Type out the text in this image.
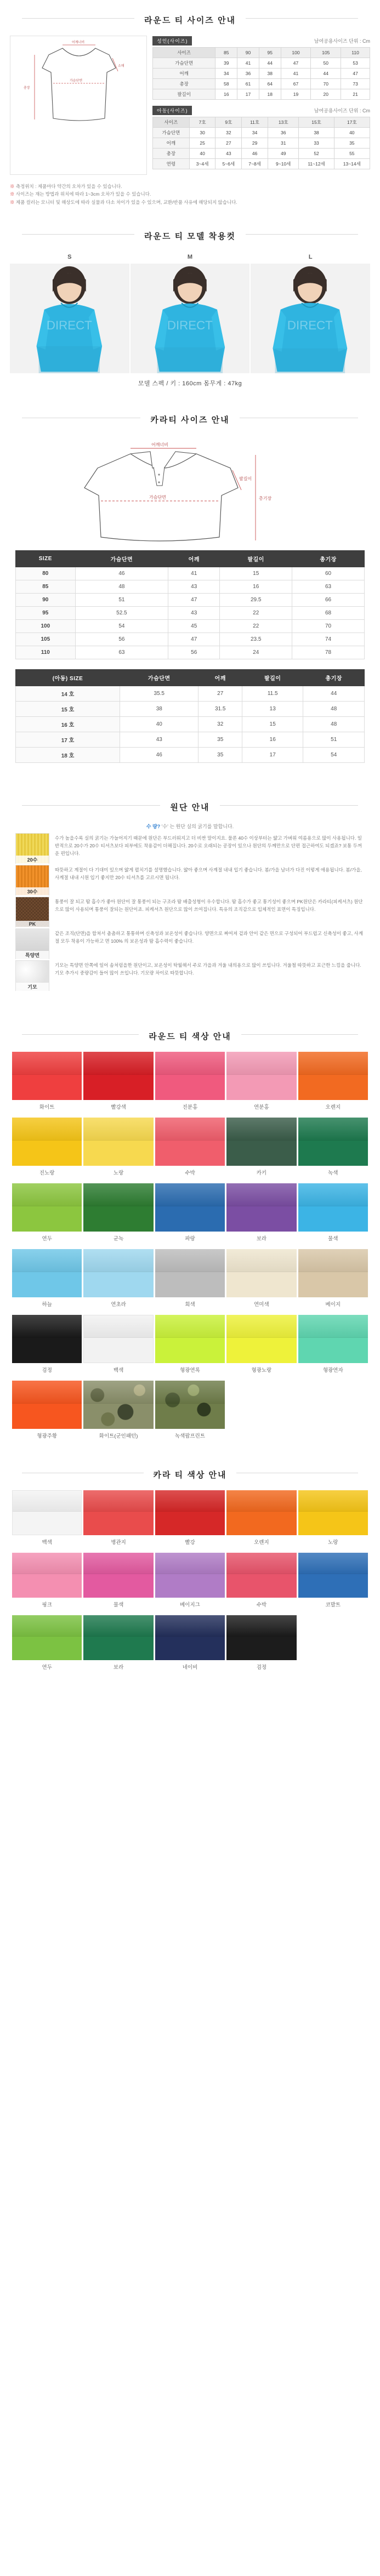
라운드 티 사이즈 안내
어깨너비
가슴단면
총장
소매
성인(사이즈)	남여공용사이즈 단위 : Cm
사이즈	85	90	95	100	105	110
가슴단면	39	41	44	47	50	53
어깨	34	36	38	41	44	47
총장	58	61	64	67	70	73
팔길이	16	17	18	19	20	21
아동(사이즈)	남여공용사이즈 단위 : Cm
사이즈	7호	9호	11호	13호	15호	17호
가슴단면	30	32	34	36	38	40
어깨	25	27	29	31	33	35
총장	40	43	46	49	52	55
연령	3~4세	5~6세	7~8세	9~10세	11~12세	13~14세
※ 측정위치 : 제품마다 약간의 오차가 있을 수 있습니다.
※ 사이즈는 재는 방법과 위치에 따라 1~3cm 오차가 있을 수 있습니다.
※ 제품 컬러는 모니터 및 해상도에 따라 실물과 다소 차이가 있을 수 있으며, 교환/반품 사유에 해당되지 않습니다.
라운드 티 모델 착용컷
S
DIRECT
M
DIRECT
L
DIRECT
모델 스펙 / 키 : 160cm 몸무게 : 47kg
카라티 사이즈 안내
어깨너비
가슴단면	총기장
팔길이
SIZE	가슴단면	어깨	팔길이	총기장
80	46	41	15	60
85	48	43	16	63
90	51	47	29.5	66
95	52.5	43	22	68
100	54	45	22	70
105	56	47	23.5	74
110	63	56	24	78
(아동) SIZE	가슴단면	어깨	팔길이	총기장
14 호	35.5	27	11.5	44
15 호	38	31.5	13	48
16 호	40	32	15	48
17 호	43	35	16	51
18 호	46	35	17	54
원단 안내
수 량? '수' 는 원단 실의 굵기를 말합니다.
20수
수가 높을수록 실의 굵기는 가늘어지기 때문에 원단은 부드러워지고 더 비싼 말이지요. 물론 40수 이상부터는 얇고 가벼워 여름용으로 많이 사용됩니다. 일반적으로 20수가 20수 티셔츠보다 피부에도 착용감이 더해집니다. 20수로 오래되는 공장이 있으나 원단의 두께만으로 단편 접근하여도 되겠죠? 보통 두꺼운 편입니다.
30수
따뜻하고 계절이 다 기대미 있으며 얇게 펼치기를 설명했습니다. 얇아 좋으며 사계절 내내 입기 좋습니다. 봄/가을 남녀가 다진 이렇게 애용됩니다. 봄/가을, 사계절 내내 시원 입기 좋지만 20수 티셔츠를 고르시면 됩니다.
PK
통풍이 잘 되고 땀 흡수가 좋아 원단이 잘 통풍이 되는 구조라 땀 배출성형이 우수합니다. 땀 흡수가 좋고 통기성이 좋으며 PK원단은 카라티(피케셔츠) 원단으로 많이 사용되며 통풍이 잘되는 원단이죠. 피케셔츠 원단으로 많이 쓰여집니다. 특유의 조직감으로 입체적인 표면이 특징입니다.
특양면
같은 조직(단면)을 합쳐서 촘촘하고 통통하며 신축성과 보온성이 좋습니다. 양면으로 짜여져 겉과 안이 같은 면으로 구성되어 부드럽고 신축성이 좋고, 사계절 모두 착용이 가능하고 면 100% 의 보온성과 땀 흡수력이 좋습니다.
기모
기모는 특양면 안쪽에 일어 솜처럼을한 원단이고, 보온성이 탁월해서 주로 가을과 겨울 내의용으로 많이 쓰입니다. 겨울철 따뜻하고 포근한 느낌을 줍니다. 기모 추가시 중량감이 들어 많이 쓰입니다. 기모량 차이로 따뜻합니다.
라운드 티 색상 안내
화이트	빨강색	진분홍	연분홍	오렌지
진노랑	노랑	수박	카키	녹색
연두	군녹	파랑	보라	물색
하늘	연초라	회색	연미색	베이지
검정	백색	형광연록	형광노랑	형광연자
형광주황	화이트(군인패턴)	녹색팝프린트
카라 티 색상 안내
백색	병관지	빨강	오렌지	노랑
핑크	물색	베이지그	수박	코발트
연두	보라	네이비	검정
